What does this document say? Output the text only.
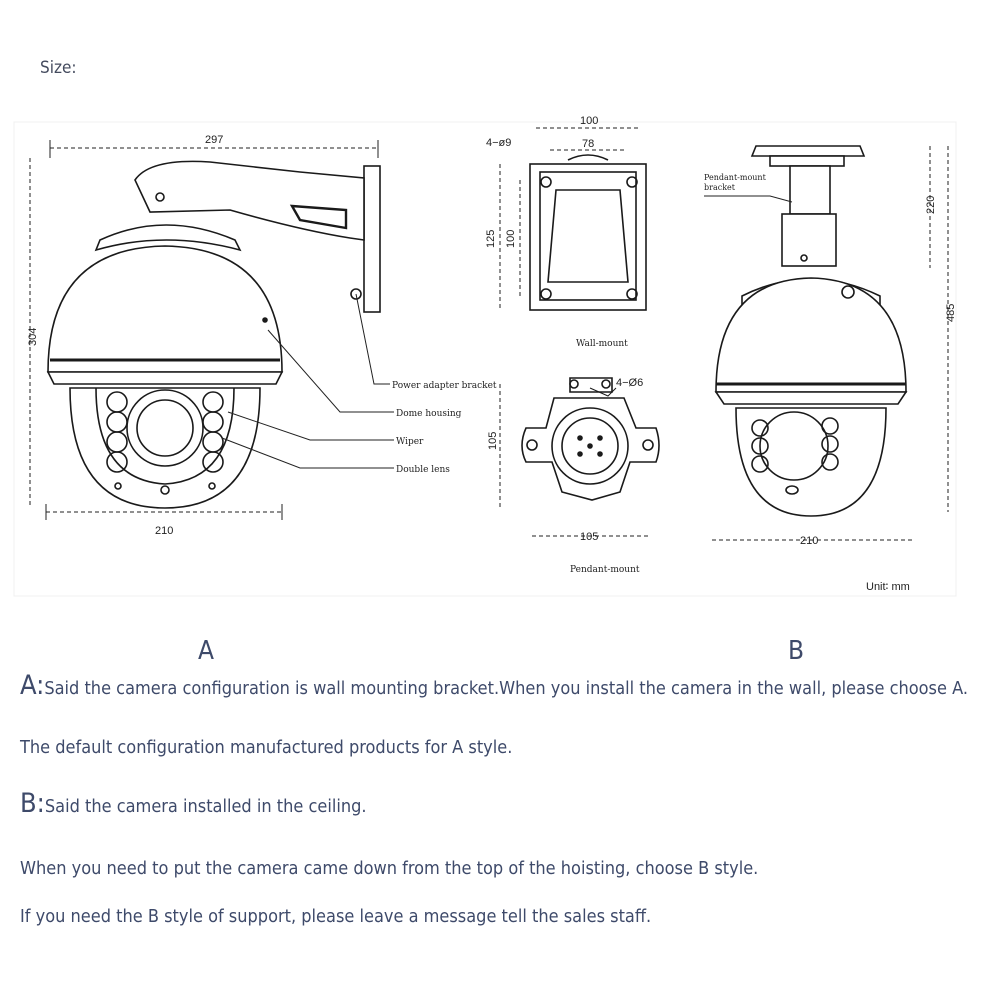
Size:
297
304
210
Power adapter bracket
Dome housing
Wiper
Double lens
100
78
4−ø9
125 100
Wall-mount
4−Ø6
105
105
Pendant-mount
Pendant-mount
bracket
220
485
210
Unit∶ mm
A	B
A:Said the camera configuration is wall mounting bracket.When you install the camera in the wall, please choose A.
The default configuration manufactured products for A style.
B:Said the camera installed in the ceiling.
When you need to put the camera came down from the top of the hoisting, choose B style.
If you need the B style of support, please leave a message tell the sales staff.
